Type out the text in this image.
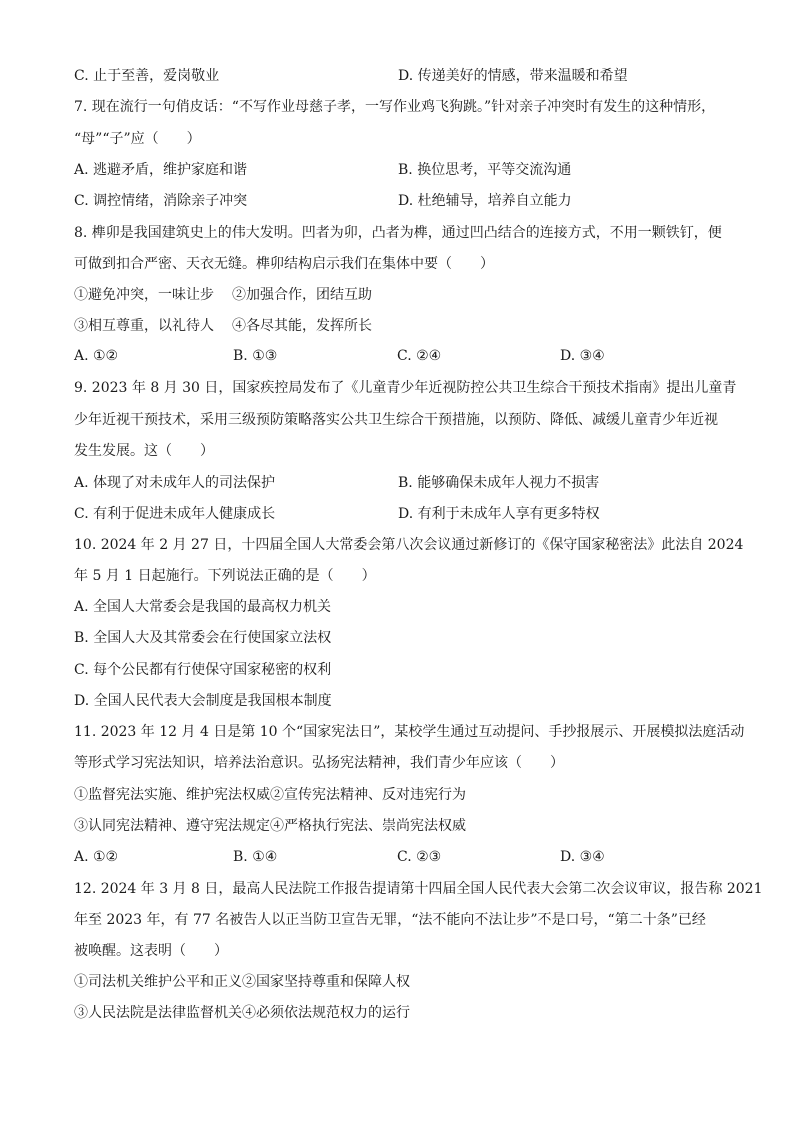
C. 止于至善，爱岗敬业	D. 传递美好的情感，带来温暖和希望
7. 现在流行一句俏皮话：“不写作业母慈子孝，一写作业鸡飞狗跳。”针对亲子冲突时有发生的这种情形，
“母”“子”应（　　）
A. 逃避矛盾，维护家庭和谐	B. 换位思考，平等交流沟通
C. 调控情绪，消除亲子冲突	D. 杜绝辅导，培养自立能力
8. 榫卯是我国建筑史上的伟大发明。凹者为卯，凸者为榫，通过凹凸结合的连接方式，不用一颗铁钉，便
可做到扣合严密、天衣无缝。榫卯结构启示我们在集体中要（　　）
①避免冲突，一味让步 ②加强合作，团结互助
③相互尊重，以礼待人 ④各尽其能，发挥所长
A. ①②	B. ①③	C. ②④	D. ③④
9. 2023 年 8 月 30 日，国家疾控局发布了《儿童青少年近视防控公共卫生综合干预技术指南》提出儿童青
少年近视干预技术，采用三级预防策略落实公共卫生综合干预措施，以预防、降低、减缓儿童青少年近视
发生发展。这（　　）
A. 体现了对未成年人的司法保护	B. 能够确保未成年人视力不损害
C. 有利于促进未成年人健康成长	D. 有利于未成年人享有更多特权
10. 2024 年 2 月 27 日，十四届全国人大常委会第八次会议通过新修订的《保守国家秘密法》此法自 2024
年 5 月 1 日起施行。下列说法正确的是（　　）
A. 全国人大常委会是我国的最高权力机关
B. 全国人大及其常委会在行使国家立法权
C. 每个公民都有行使保守国家秘密的权利
D. 全国人民代表大会制度是我国根本制度
11. 2023 年 12 月 4 日是第 10 个“国家宪法日”，某校学生通过互动提问、手抄报展示、开展模拟法庭活动
等形式学习宪法知识，培养法治意识。弘扬宪法精神，我们青少年应该（　　）
①监督宪法实施、维护宪法权威②宣传宪法精神、反对违宪行为
③认同宪法精神、遵守宪法规定④严格执行宪法、崇尚宪法权威
A. ①②	B. ①④	C. ②③	D. ③④
12. 2024 年 3 月 8 日，最高人民法院工作报告提请第十四届全国人民代表大会第二次会议审议，报告称 2021
年至 2023 年，有 77 名被告人以正当防卫宣告无罪，“法不能向不法让步”不是口号，“第二十条”已经
被唤醒。这表明（　　）
①司法机关维护公平和正义②国家坚持尊重和保障人权
③人民法院是法律监督机关④必须依法规范权力的运行
